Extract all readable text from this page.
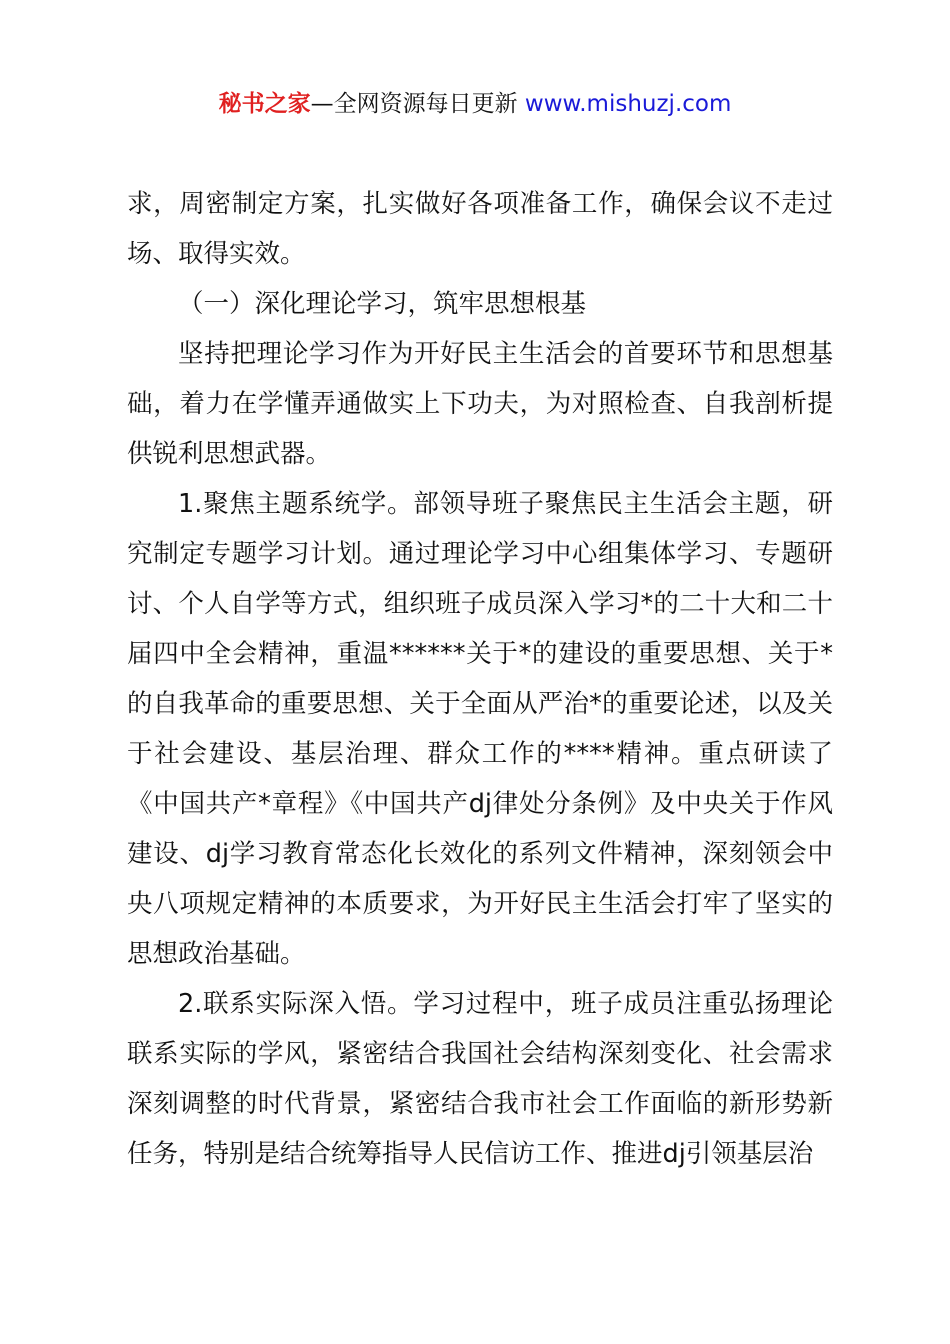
秘书之家—全网资源每日更新 www.mishuzj.com

求，周密制定方案，扎实做好各项准备工作，确保会议不走过场、取得实效。

（一）深化理论学习，筑牢思想根基

坚持把理论学习作为开好民主生活会的首要环节和思想基础，着力在学懂弄通做实上下功夫，为对照检查、自我剖析提供锐利思想武器。

1.聚焦主题系统学。部领导班子聚焦民主生活会主题，研究制定专题学习计划。通过理论学习中心组集体学习、专题研讨、个人自学等方式，组织班子成员深入学习*的二十大和二十届四中全会精神，重温******关于*的建设的重要思想、关于*的自我革命的重要思想、关于全面从严治*的重要论述，以及关于社会建设、基层治理、群众工作的****精神。重点研读了《中国共产*章程》《中国共产dj律处分条例》及中央关于作风建设、dj学习教育常态化长效化的系列文件精神，深刻领会中央八项规定精神的本质要求，为开好民主生活会打牢了坚实的思想政治基础。

2.联系实际深入悟。学习过程中，班子成员注重弘扬理论联系实际的学风，紧密结合我国社会结构深刻变化、社会需求深刻调整的时代背景，紧密结合我市社会工作面临的新形势新任务，特别是结合统筹指导人民信访工作、推进dj引领基层治
